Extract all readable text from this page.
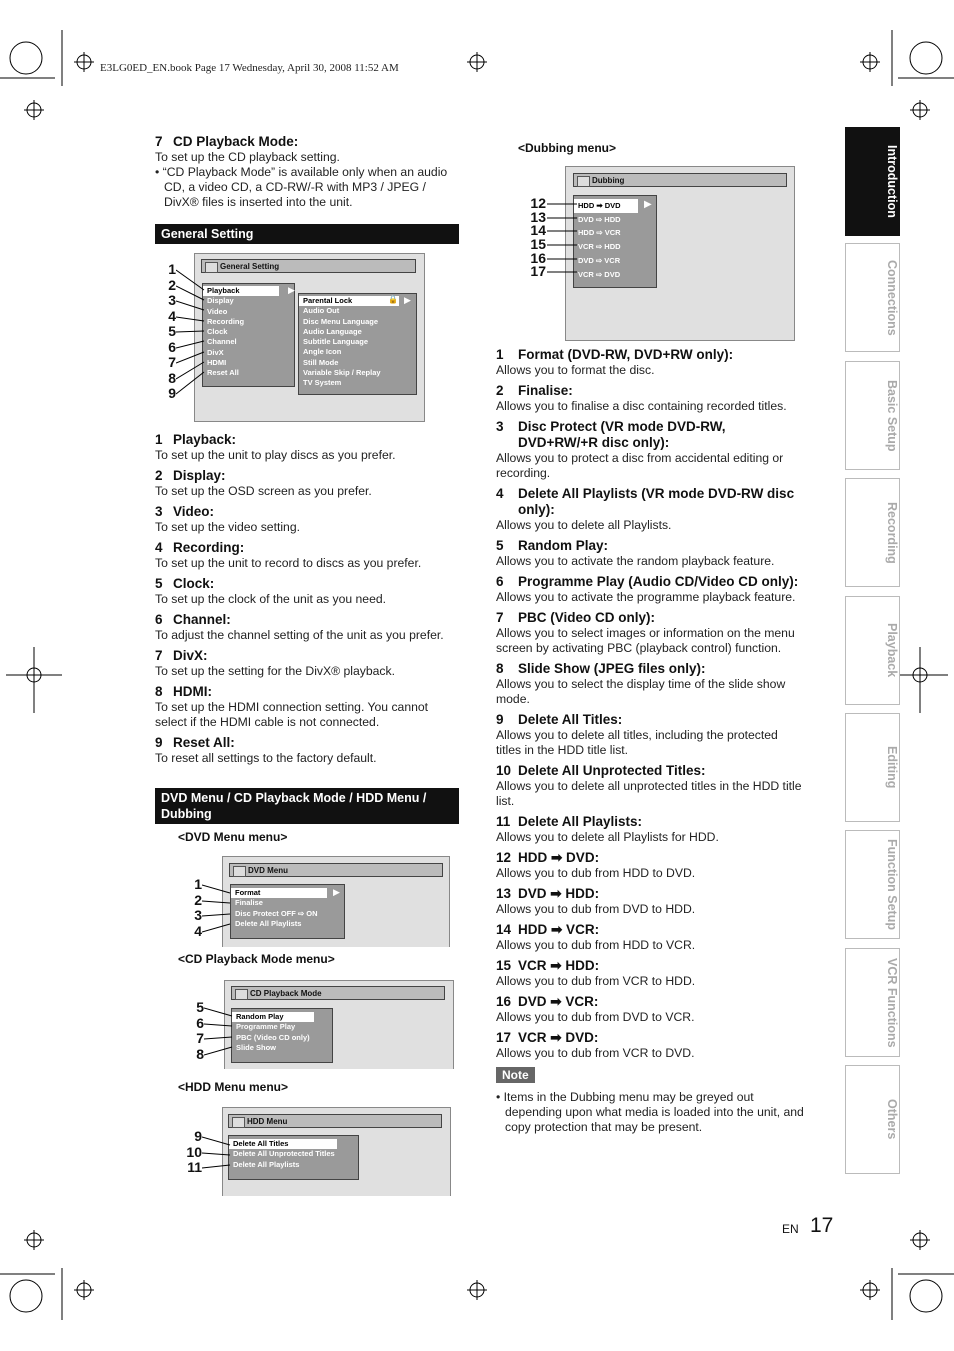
E3LG0ED_EN.book Page 17 Wednesday, April 30, 2008 11:52 AM
7 CD Playback Mode:
To set up the CD playback setting.
• “CD Playback Mode” is available only when an audio CD, a video CD, a CD-RW/-R with MP3 / JPEG / DivX® files is inserted into the unit.
General Setting
General Setting
Playback
Display
Video
Recording
Clock
Channel
DivX
HDMI
Reset All
▶
Parental Lock
Audio Out
Disc Menu Language
Audio Language
Subtitle Language
Angle Icon
Still Mode
Variable Skip / Replay
TV System
🔒 ▶
1
2
3
4
5
6
7
8
9
1 Playback:
To set up the unit to play discs as you prefer.
2 Display:
To set up the OSD screen as you prefer.
3 Video:
To set up the video setting.
4 Recording:
To set up the unit to record to discs as you prefer.
5 Clock:
To set up the clock of the unit as you need.
6 Channel:
To adjust the channel setting of the unit as you prefer.
7 DivX:
To set up the setting for the DivX® playback.
8 HDMI:
To set up the HDMI connection setting. You cannot select if the HDMI cable is not connected.
9 Reset All:
To reset all settings to the factory default.
DVD Menu / CD Playback Mode / HDD Menu / Dubbing
<DVD Menu menu>
DVD Menu
Format
Finalise
Disc Protect OFF ⇨ ON
Delete All Playlists
▶
1
2
3
4
<CD Playback Mode menu>
CD Playback Mode
Random Play
Programme Play
PBC (Video CD only)
Slide Show
5
6
7
8
<HDD Menu menu>
HDD Menu
Delete All Titles
Delete All Unprotected Titles
Delete All Playlists
9
10
11
<Dubbing menu>
Dubbing
HDD ➡ DVD
DVD ⇨ HDD
HDD ⇨ VCR
VCR ⇨ HDD
DVD ⇨ VCR
VCR ⇨ DVD
▶
12
13
14
15
16
17
1 Format (DVD-RW, DVD+RW only):
Allows you to format the disc.
2 Finalise:
Allows you to finalise a disc containing recorded titles.
3 Disc Protect (VR mode DVD-RW, DVD+RW/+R disc only):
Allows you to protect a disc from accidental editing or recording.
4 Delete All Playlists (VR mode DVD-RW disc only):
Allows you to delete all Playlists.
5 Random Play:
Allows you to activate the random playback feature.
6 Programme Play (Audio CD/Video CD only):
Allows you to activate the programme playback feature.
7 PBC (Video CD only):
Allows you to select images or information on the menu screen by activating PBC (playback control) function.
8 Slide Show (JPEG files only):
Allows you to select the display time of the slide show mode.
9 Delete All Titles:
Allows you to delete all titles, including the protected titles in the HDD title list.
10 Delete All Unprotected Titles:
Allows you to delete all unprotected titles in the HDD title list.
11 Delete All Playlists:
Allows you to delete all Playlists for HDD.
12 HDD ➡ DVD:
Allows you to dub from HDD to DVD.
13 DVD ➡ HDD:
Allows you to dub from DVD to HDD.
14 HDD ➡ VCR:
Allows you to dub from HDD to VCR.
15 VCR ➡ HDD:
Allows you to dub from VCR to HDD.
16 DVD ➡ VCR:
Allows you to dub from DVD to VCR.
17 VCR ➡ DVD:
Allows you to dub from VCR to DVD.
Note
• Items in the Dubbing menu may be greyed out depending upon what media is loaded into the unit, and copy protection that may be present.
Introduction
Connections
Basic Setup
Recording
Playback
Editing
Function Setup
VCR Functions
Others
EN 17
